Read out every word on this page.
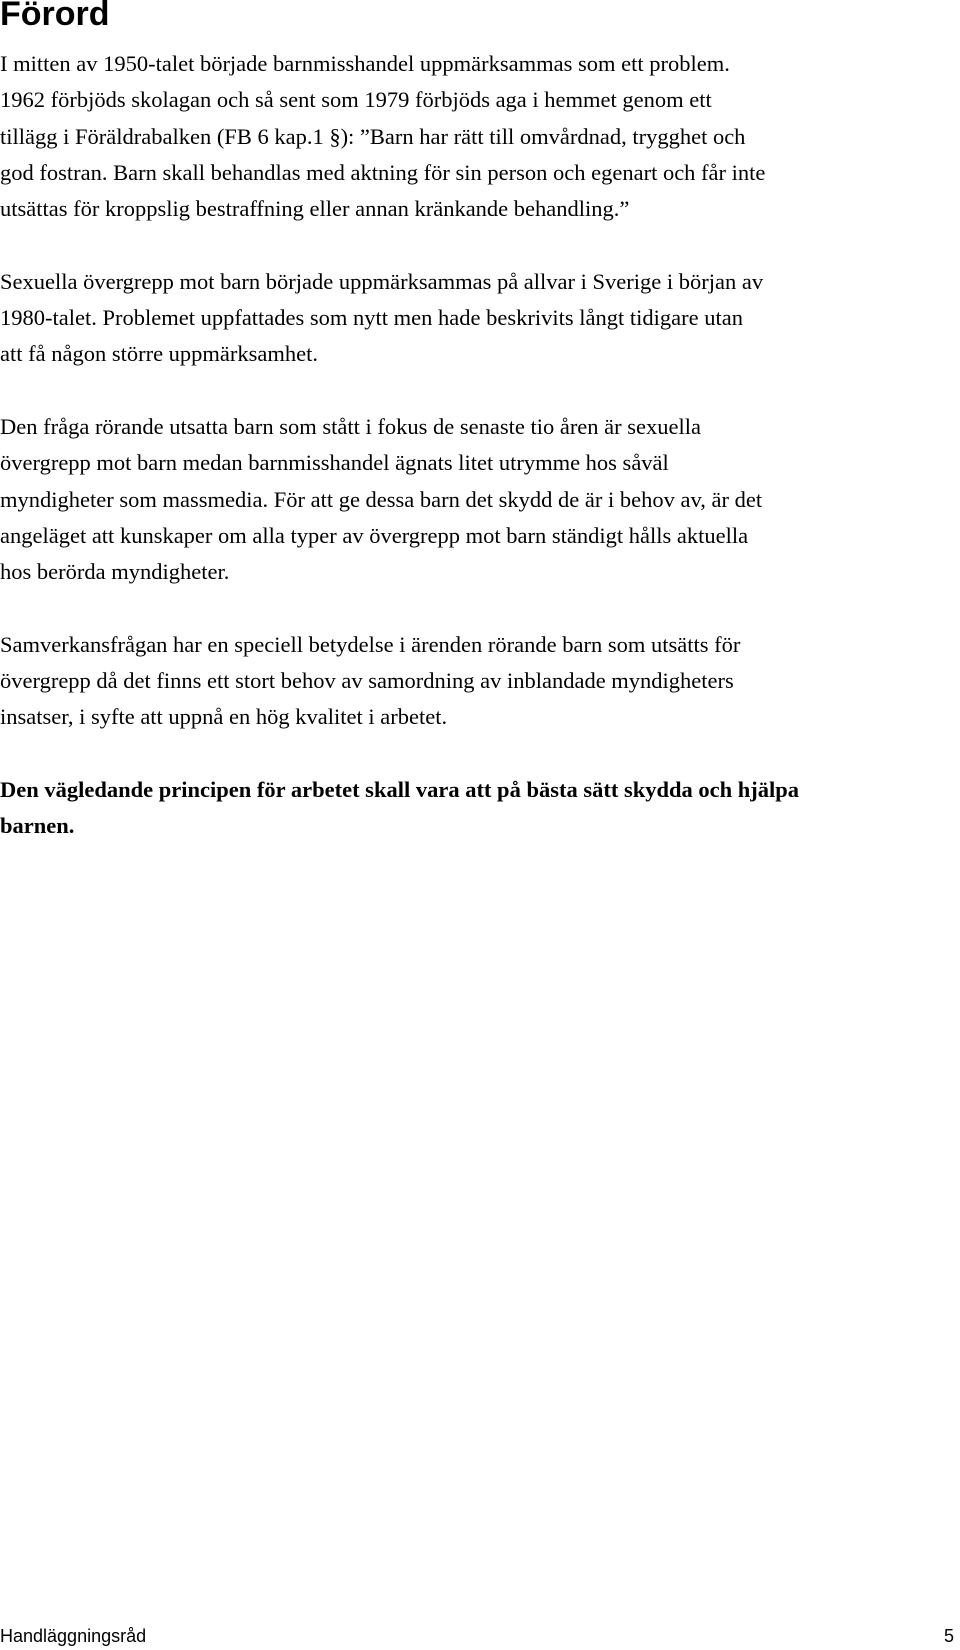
Förord

I mitten av 1950-talet började barnmisshandel uppmärksammas som ett problem.
1962 förbjöds skolagan och så sent som 1979 förbjöds aga i hemmet genom ett
tillägg i Föräldrabalken (FB 6 kap.1 §): ”Barn har rätt till omvårdnad, trygghet och
god fostran. Barn skall behandlas med aktning för sin person och egenart och får inte
utsättas för kroppslig bestraffning eller annan kränkande behandling.”

Sexuella övergrepp mot barn började uppmärksammas på allvar i Sverige i början av
1980-talet. Problemet uppfattades som nytt men hade beskrivits långt tidigare utan
att få någon större uppmärksamhet.

Den fråga rörande utsatta barn som stått i fokus de senaste tio åren är sexuella
övergrepp mot barn medan barnmisshandel ägnats litet utrymme hos såväl
myndigheter som massmedia. För att ge dessa barn det skydd de är i behov av, är det
angeläget att kunskaper om alla typer av övergrepp mot barn ständigt hålls aktuella
hos berörda myndigheter.

Samverkansfrågan har en speciell betydelse i ärenden rörande barn som utsätts för
övergrepp då det finns ett stort behov av samordning av inblandade myndigheters
insatser, i syfte att uppnå en hög kvalitet i arbetet.

Den vägledande principen för arbetet skall vara att på bästa sätt skydda och hjälpa
barnen.

Handläggningsråd	5
